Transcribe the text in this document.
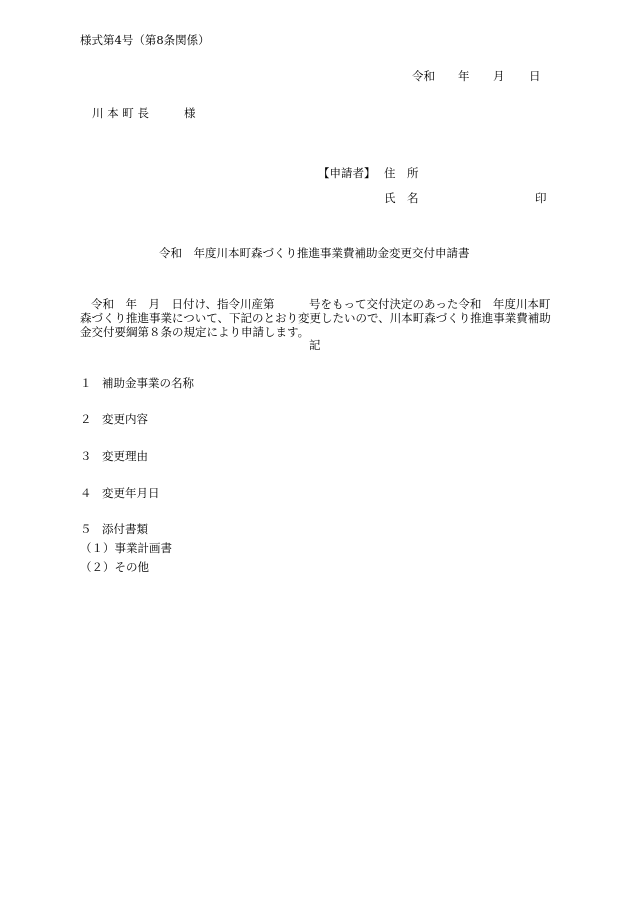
様式第4号（第8条関係）
令和 年 月 日
川 本 町 長	様
【申請者】 住　所
氏　名	印
令和　年度川本町森づくり推進事業費補助金変更交付申請書
令和　年　月　日付け、指令川産第　　　号をもって交付決定のあった令和　年度川本町森づくり推進事業について、下記のとおり変更したいので、川本町森づくり推進事業費補助金交付要綱第８条の規定により申請します。
記
１ 補助金事業の名称
２ 変更内容
３ 変更理由
４ 変更年月日
５ 添付書類
（１）事業計画書
（２）その他
